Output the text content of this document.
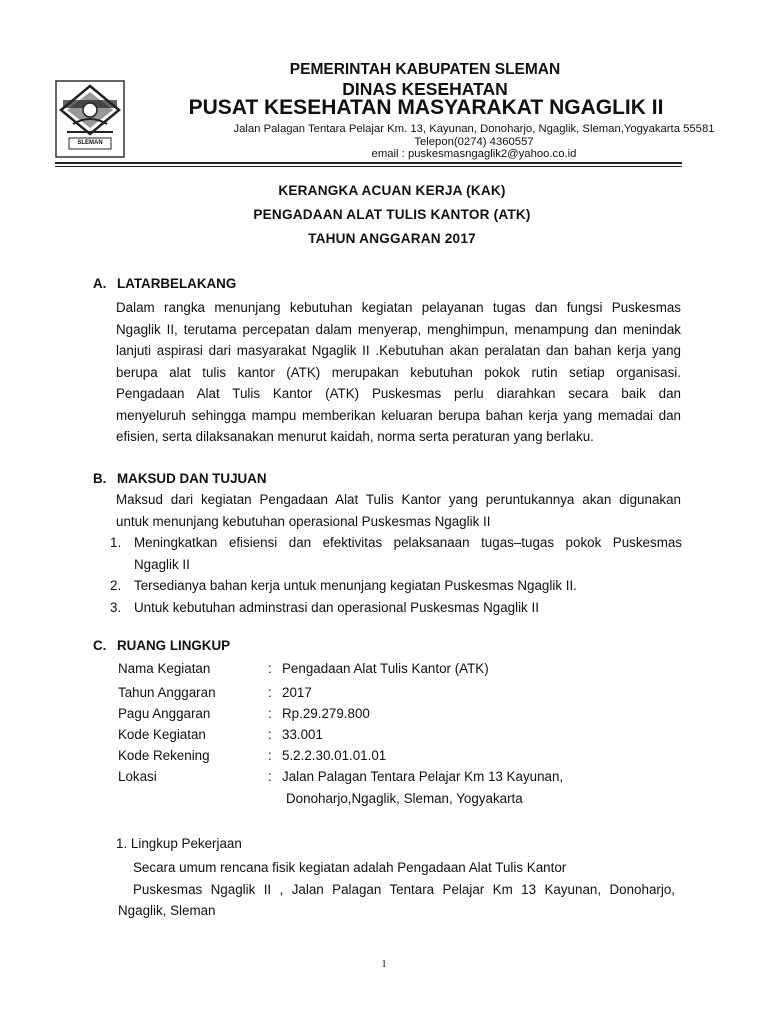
SLEMAN
PEMERINTAH KABUPATEN SLEMAN
DINAS KESEHATAN
PUSAT KESEHATAN MASYARAKAT NGAGLIK II
Jalan Palagan Tentara Pelajar Km. 13, Kayunan, Donoharjo, Ngaglik, Sleman,Yogyakarta 55581
Telepon(0274) 4360557
email : puskesmasngaglik2@yahoo.co.id
KERANGKA ACUAN KERJA (KAK)
PENGADAAN ALAT TULIS KANTOR (ATK)
TAHUN ANGGARAN 2017
A. LATARBELAKANG
Dalam rangka menunjang kebutuhan kegiatan pelayanan tugas dan fungsi Puskesmas
Ngaglik II, terutama percepatan dalam menyerap, menghimpun, menampung dan menindak
lanjuti aspirasi dari masyarakat Ngaglik II .Kebutuhan akan peralatan dan bahan kerja yang
berupa alat tulis kantor (ATK) merupakan kebutuhan pokok rutin setiap organisasi.
Pengadaan Alat Tulis Kantor (ATK) Puskesmas perlu diarahkan secara baik dan
menyeluruh sehingga mampu memberikan keluaran berupa bahan kerja yang memadai dan
efisien, serta dilaksanakan menurut kaidah, norma serta peraturan yang berlaku.
B. MAKSUD DAN TUJUAN
Maksud dari kegiatan Pengadaan Alat Tulis Kantor yang peruntukannya akan digunakan
untuk menunjang kebutuhan operasional Puskesmas Ngaglik II
1. Meningkatkan efisiensi dan efektivitas pelaksanaan tugas–tugas pokok Puskesmas
Ngaglik II
2. Tersedianya bahan kerja untuk menunjang kegiatan Puskesmas Ngaglik II.
3. Untuk kebutuhan adminstrasi dan operasional Puskesmas Ngaglik II
C. RUANG LINGKUP
Nama Kegiatan	: Pengadaan Alat Tulis Kantor (ATK)
Tahun Anggaran	: 2017
Pagu Anggaran	: Rp.29.279.800
Kode Kegiatan	: 33.001
Kode Rekening	: 5.2.2.30.01.01.01
Lokasi	: Jalan Palagan Tentara Pelajar Km 13 Kayunan,
Donoharjo,Ngaglik, Sleman, Yogyakarta
1. Lingkup Pekerjaan
Secara umum rencana fisik kegiatan adalah Pengadaan Alat Tulis Kantor
Puskesmas Ngaglik II , Jalan Palagan Tentara Pelajar Km 13 Kayunan, Donoharjo,
Ngaglik, Sleman
1
